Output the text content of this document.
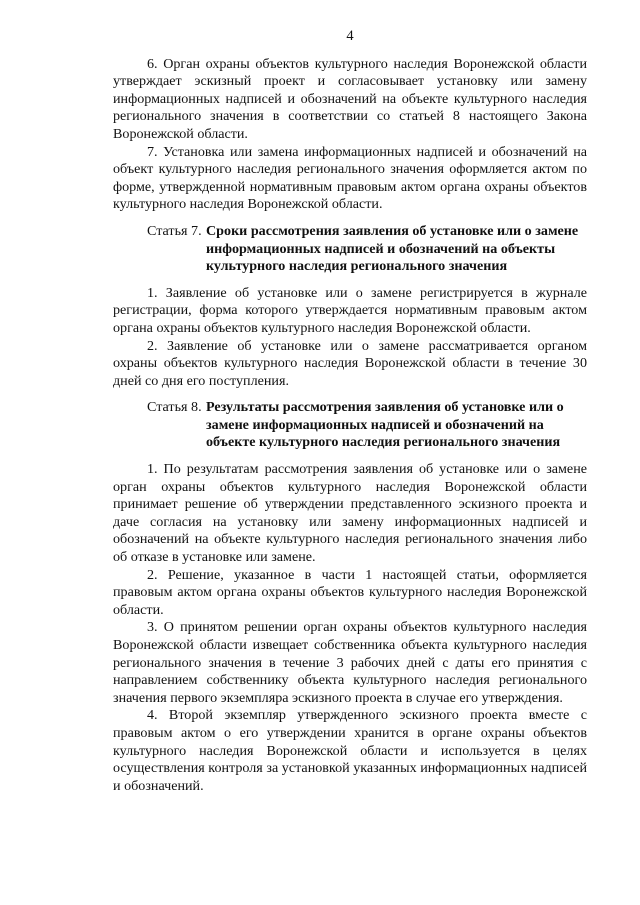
4

6. Орган охраны объектов культурного наследия Воронежской области утверждает эскизный проект и согласовывает установку или замену информационных надписей и обозначений на объекте культурного наследия регионального значения в соответствии со статьей 8 настоящего Закона Воронежской области.

7. Установка или замена информационных надписей и обозначений на объект культурного наследия регионального значения оформляется актом по форме, утвержденной нормативным правовым актом органа охраны объектов культурного наследия Воронежской области.

Статья 7. Сроки рассмотрения заявления об установке или о замене информационных надписей и обозначений на объекты культурного наследия регионального значения

1. Заявление об установке или о замене регистрируется в журнале регистрации, форма которого утверждается нормативным правовым актом органа охраны объектов культурного наследия Воронежской области.

2. Заявление об установке или о замене рассматривается органом охраны объектов культурного наследия Воронежской области в течение 30 дней со дня его поступления.

Статья 8. Результаты рассмотрения заявления об установке или о замене информационных надписей и обозначений на объекте культурного наследия регионального значения

1. По результатам рассмотрения заявления об установке или о замене орган охраны объектов культурного наследия Воронежской области принимает решение об утверждении представленного эскизного проекта и даче согласия на установку или замену информационных надписей и обозначений на объекте культурного наследия регионального значения либо об отказе в установке или замене.

2. Решение, указанное в части 1 настоящей статьи, оформляется правовым актом органа охраны объектов культурного наследия Воронежской области.

3. О принятом решении орган охраны объектов культурного наследия Воронежской области извещает собственника объекта культурного наследия регионального значения в течение 3 рабочих дней с даты его принятия с направлением собственнику объекта культурного наследия регионального значения первого экземпляра эскизного проекта в случае его утверждения.

4. Второй экземпляр утвержденного эскизного проекта вместе с правовым актом о его утверждении хранится в органе охраны объектов культурного наследия Воронежской области и используется в целях осуществления контроля за установкой указанных информационных надписей и обозначений.
